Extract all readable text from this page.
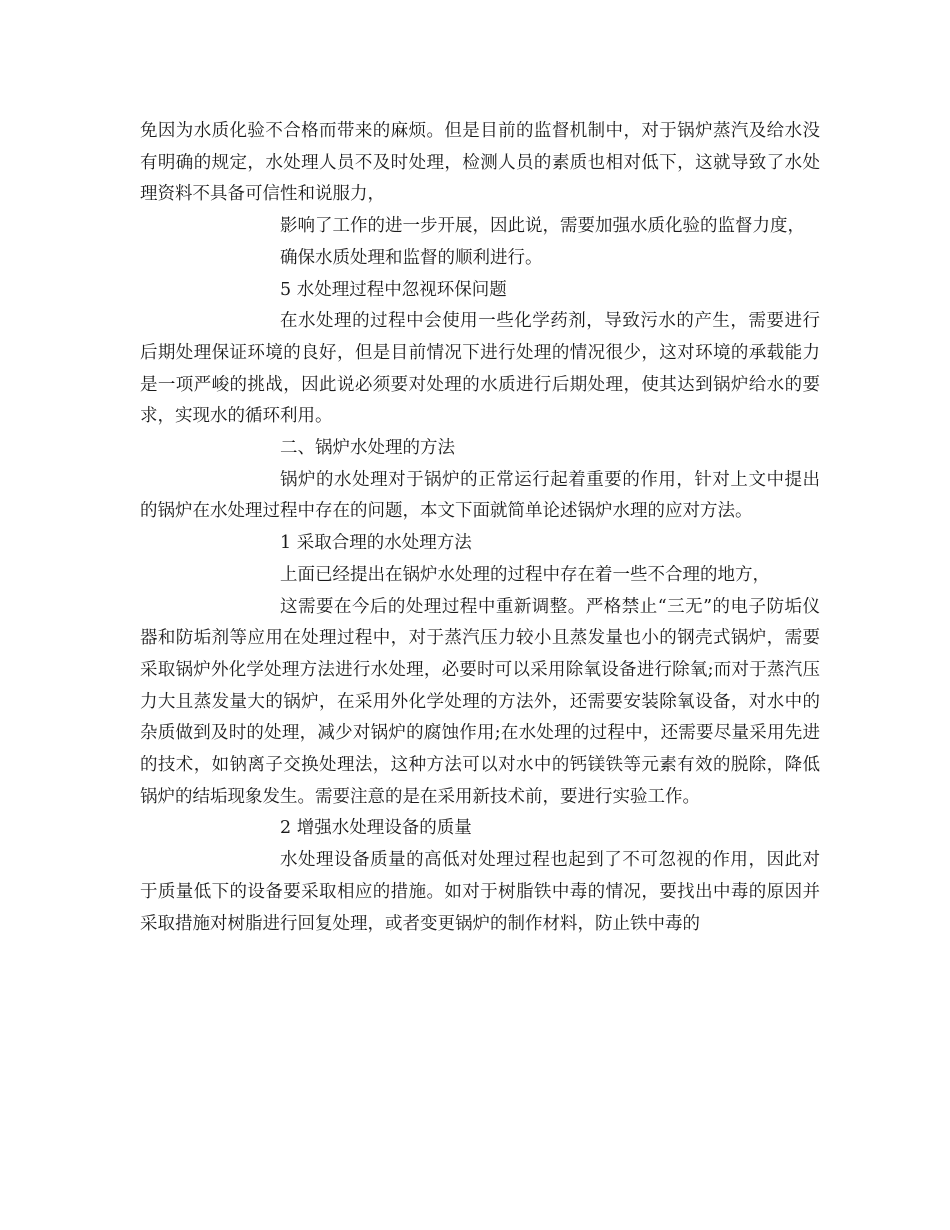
免因为水质化验不合格而带来的麻烦。但是目前的监督机制中，对于锅炉蒸汽及给水没有明确的规定，水处理人员不及时处理，检测人员的素质也相对低下，这就导致了水处理资料不具备可信性和说服力，

影响了工作的进一步开展，因此说，需要加强水质化验的监督力度，

确保水质处理和监督的顺利进行。

5 水处理过程中忽视环保问题

在水处理的过程中会使用一些化学药剂，导致污水的产生，需要进行后期处理保证环境的良好，但是目前情况下进行处理的情况很少，这对环境的承载能力是一项严峻的挑战，因此说必须要对处理的水质进行后期处理，使其达到锅炉给水的要求，实现水的循环利用。

二、锅炉水处理的方法

锅炉的水处理对于锅炉的正常运行起着重要的作用，针对上文中提出的锅炉在水处理过程中存在的问题，本文下面就简单论述锅炉水理的应对方法。

1 采取合理的水处理方法

上面已经提出在锅炉水处理的过程中存在着一些不合理的地方，

这需要在今后的处理过程中重新调整。严格禁止“三无”的电子防垢仪器和防垢剂等应用在处理过程中，对于蒸汽压力较小且蒸发量也小的钢壳式锅炉，需要采取锅炉外化学处理方法进行水处理，必要时可以采用除氧设备进行除氧;而对于蒸汽压力大且蒸发量大的锅炉，在采用外化学处理的方法外，还需要安装除氧设备，对水中的杂质做到及时的处理，减少对锅炉的腐蚀作用;在水处理的过程中，还需要尽量采用先进的技术，如钠离子交换处理法，这种方法可以对水中的钙镁铁等元素有效的脱除，降低锅炉的结垢现象发生。需要注意的是在采用新技术前，要进行实验工作。

2 增强水处理设备的质量

水处理设备质量的高低对处理过程也起到了不可忽视的作用，因此对于质量低下的设备要采取相应的措施。如对于树脂铁中毒的情况，要找出中毒的原因并采取措施对树脂进行回复处理，或者变更锅炉的制作材料，防止铁中毒的
